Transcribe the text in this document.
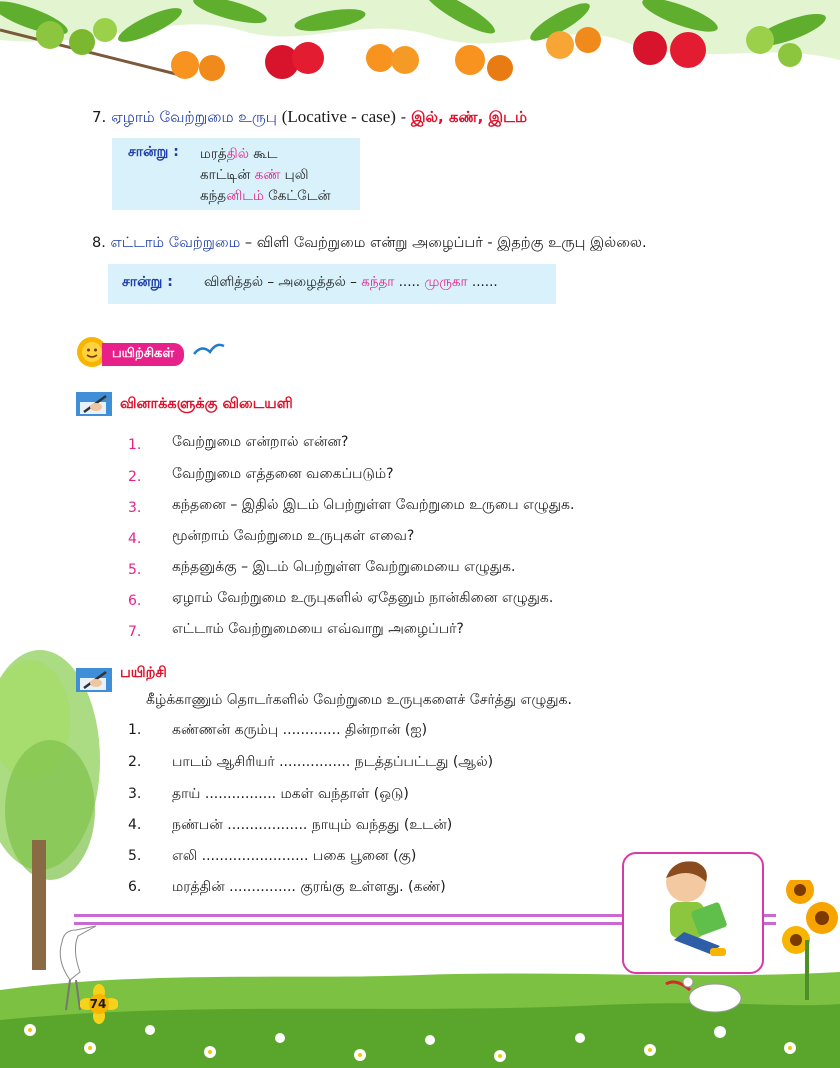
7. ஏழாம் வேற்றுமை உருபு (Locative - case) - இல், கண், இடம்
சான்று : மரத்தில் கூட
காட்டின் கண் புலி
கந்தனிடம் கேட்டேன்
8. எட்டாம் வேற்றுமை – விளி வேற்றுமை என்று அழைப்பர் - இதற்கு உருபு இல்லை.
சான்று : விளித்தல் – அழைத்தல் – கந்தா ..... முருகா ......
பயிற்சிகள்
வினாக்களுக்கு விடையளி
1. வேற்றுமை என்றால் என்ன?
2. வேற்றுமை எத்தனை வகைப்படும்?
3. கந்தனை – இதில் இடம் பெற்றுள்ள வேற்றுமை உருபை எழுதுக.
4. மூன்றாம் வேற்றுமை உருபுகள் எவை?
5. கந்தனுக்கு – இடம் பெற்றுள்ள வேற்றுமையை எழுதுக.
6. ஏழாம் வேற்றுமை உருபுகளில் ஏதேனும் நான்கினை எழுதுக.
7. எட்டாம் வேற்றுமையை எவ்வாறு அழைப்பர்?
பயிற்சி
கீழ்க்காணும் தொடர்களில் வேற்றுமை உருபுகளைச் சேர்த்து எழுதுக.
1. கண்ணன் கரும்பு ............. தின்றான் (ஐ)
2. பாடம் ஆசிரியர் ................ நடத்தப்பட்டது (ஆல்)
3. தாய் ................ மகள் வந்தாள் (ஒடு)
4. நண்பன் .................. நாயும் வந்தது (உடன்)
5. எலி ........................ பகை பூனை (கு)
6. மரத்தின் ............... குரங்கு உள்ளது. (கண்)
74
